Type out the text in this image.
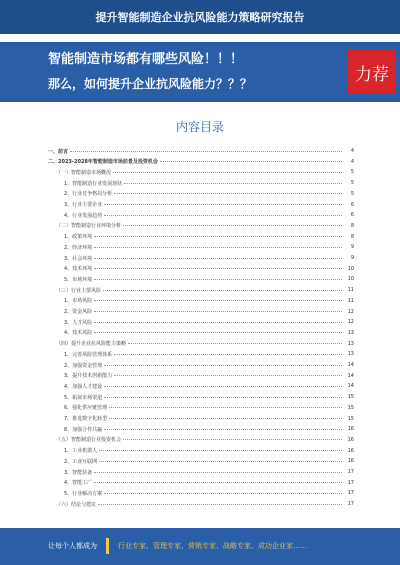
提升智能制造企业抗风险能力策略研究报告
智能制造市场都有哪些风险！！！
那么，如何提升企业抗风险能力？？？	力荐
内容目录
一、前言	4
二、2023-2028年智能制造市场前景及投资机会	4
（一）智能制造市场概况	5
1、智能制造行业发展现状	5
2、行业竞争格局分析	5
3、行业主要企业	6
4、行业发展趋势	6
（二）智能制造行业环境分析	8
1、政策环境	8
2、经济环境	9
3、社会环境	9
4、技术环境	10
5、市场环境	10
（三）行业主要风险	11
1、市场风险	11
2、资金风险	12
3、人才风险	12
4、技术风险	13
（四）提升企业抗风险能力策略	13
1、完善风险管理体系	13
2、加强资金管理	14
3、提升技术创新能力	14
4、加强人才建设	14
5、拓展市场渠道	15
6、强化供应链管理	15
7、推进数字化转型	15
8、加强合作共赢	16
（五）智能制造行业投资机会	16
1、工业机器人	16
2、工业互联网	16
3、智能装备	17
4、智能工厂	17
5、行业解决方案	17
（六）结论与建议	17
让每个人都成为	行业专家、管理专家、营销专家、战略专家、成功企业家……
